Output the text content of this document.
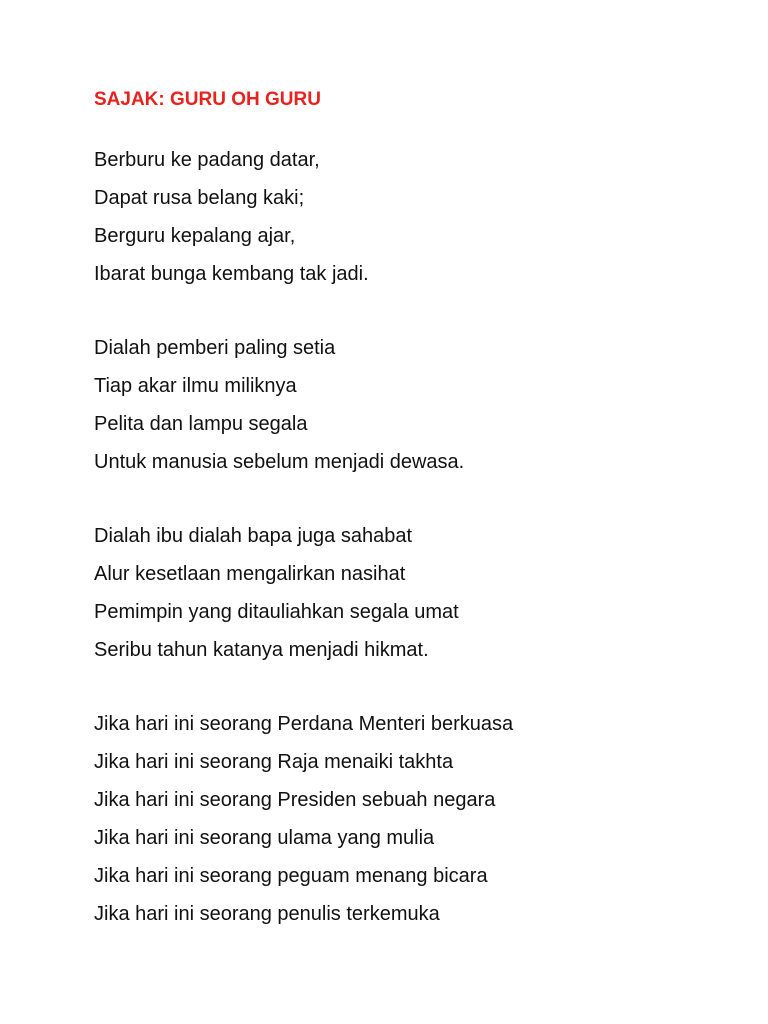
SAJAK: GURU OH GURU
Berburu ke padang datar,
Dapat rusa belang kaki;
Berguru kepalang ajar,
Ibarat bunga kembang tak jadi.
Dialah pemberi paling setia
Tiap akar ilmu miliknya
Pelita dan lampu segala
Untuk manusia sebelum menjadi dewasa.
Dialah ibu dialah bapa juga sahabat
Alur kesetlaan mengalirkan nasihat
Pemimpin yang ditauliahkan segala umat
Seribu tahun katanya menjadi hikmat.
Jika hari ini seorang Perdana Menteri berkuasa
Jika hari ini seorang Raja menaiki takhta
Jika hari ini seorang Presiden sebuah negara
Jika hari ini seorang ulama yang mulia
Jika hari ini seorang peguam menang bicara
Jika hari ini seorang penulis terkemuka
